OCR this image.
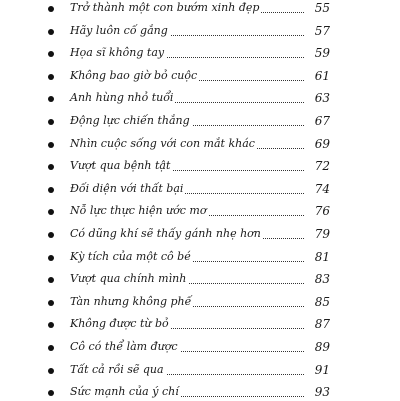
Trở thành một con bướm xinh đẹp	55
Hãy luôn cố gắng	57
Họa sĩ không tay	59
Không bao giờ bỏ cuộc	61
Anh hùng nhỏ tuổi	63
Động lực chiến thắng	67
Nhìn cuộc sống với con mắt khác	69
Vượt qua bệnh tật	72
Đối diện với thất bại	74
Nỗ lực thực hiện ước mơ	76
Có dũng khí sẽ thấy gánh nhẹ hơn	79
Kỳ tích của một cô bé	81
Vượt qua chính mình	83
Tàn nhưng không phế	85
Không được từ bỏ	87
Cô có thể làm được	89
Tất cả rồi sẽ qua	91
Sức mạnh của ý chí	93
